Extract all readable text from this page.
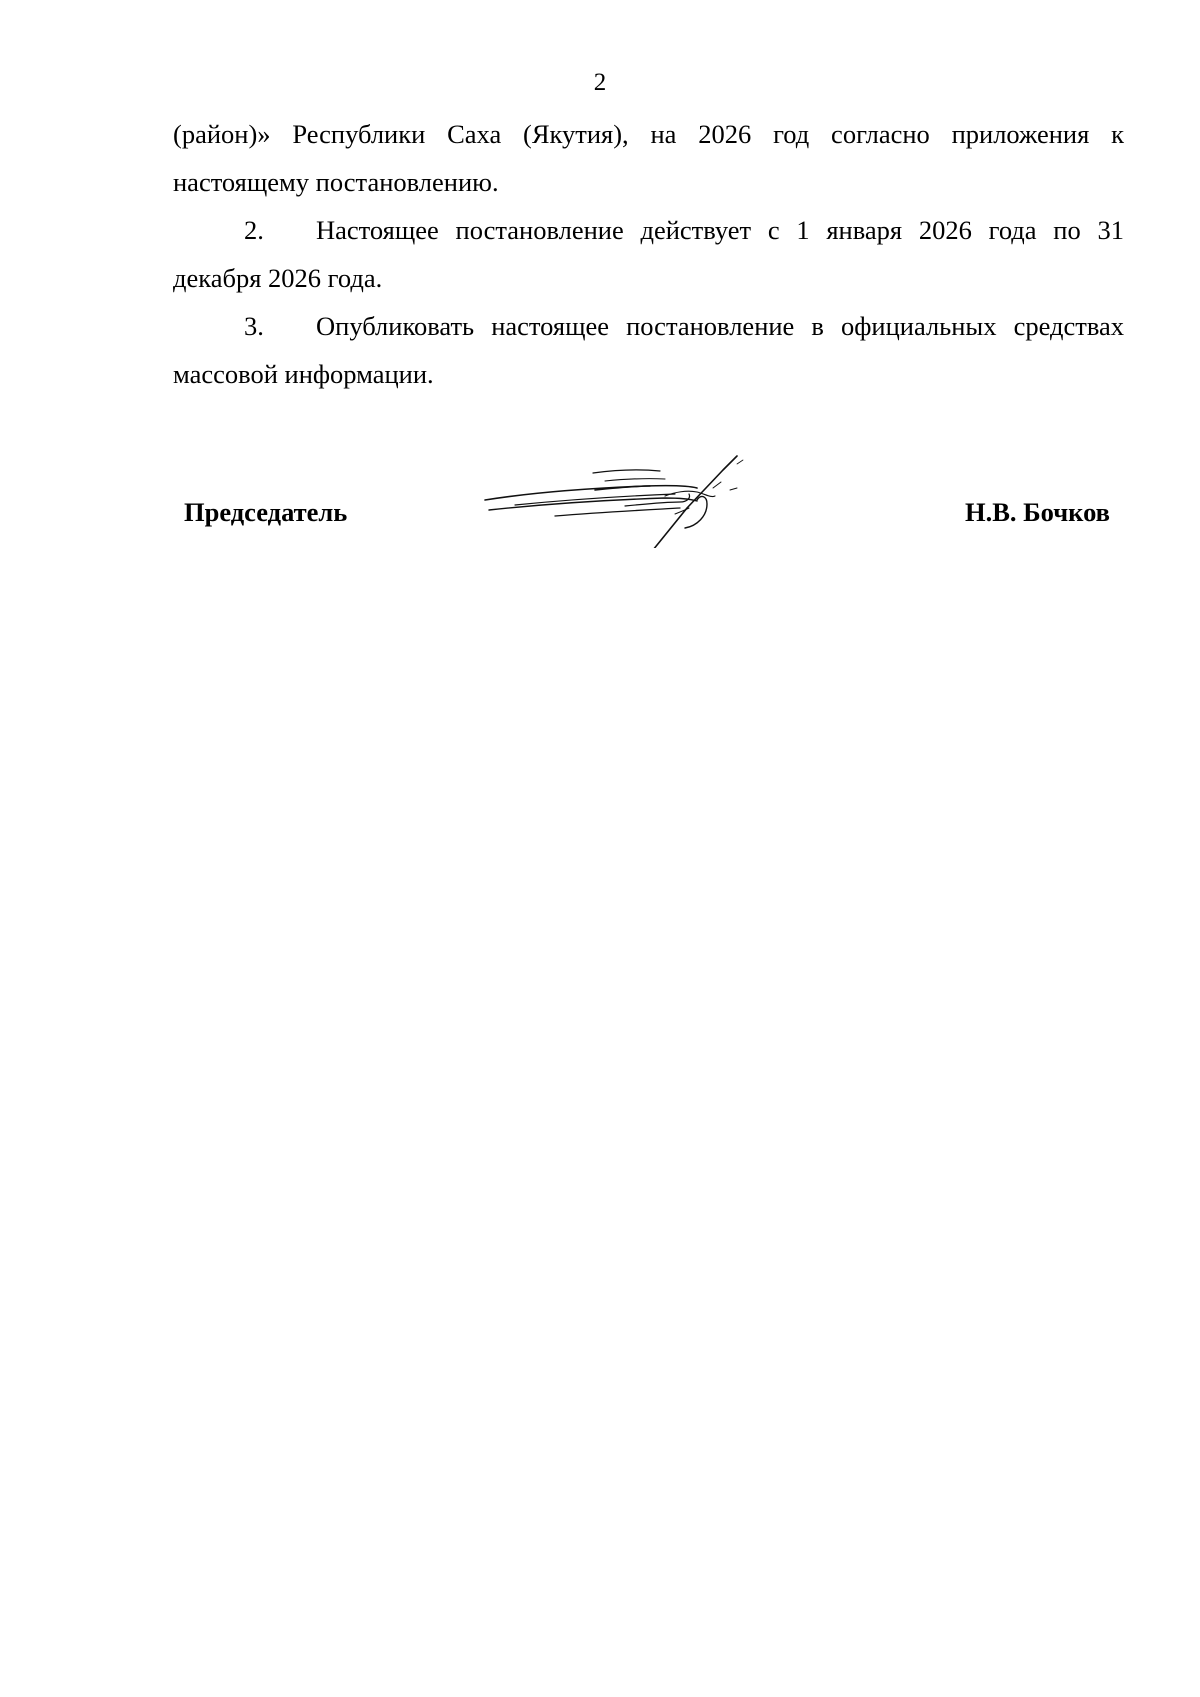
2

(район)» Республики Саха (Якутия), на 2026 год согласно приложения к настоящему постановлению.

2. Настоящее постановление действует с 1 января 2026 года по 31 декабря 2026 года.

3. Опубликовать настоящее постановление в официальных средствах массовой информации.

Председатель	Н.В. Бочков
